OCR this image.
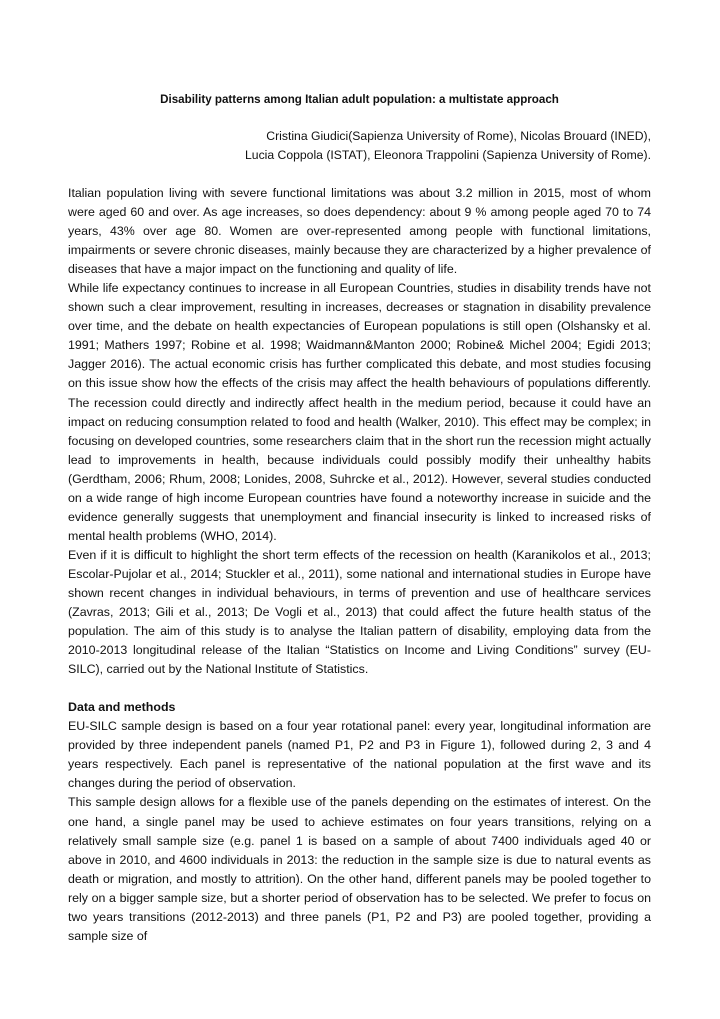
Disability patterns among Italian adult population: a multistate approach
Cristina Giudici(Sapienza University of Rome), Nicolas Brouard (INED),
Lucia Coppola (ISTAT), Eleonora Trappolini (Sapienza University of Rome).

Italian population living with severe functional limitations was about 3.2 million in 2015, most of whom were aged 60 and over. As age increases, so does dependency: about 9 % among people aged 70 to 74 years, 43% over age 80. Women are over-represented among people with functional limitations, impairments or severe chronic diseases, mainly because they are characterized by a higher prevalence of diseases that have a major impact on the functioning and quality of life.

While life expectancy continues to increase in all European Countries, studies in disability trends have not shown such a clear improvement, resulting in increases, decreases or stagnation in disability prevalence over time, and the debate on health expectancies of European populations is still open (Olshansky et al. 1991; Mathers 1997; Robine et al. 1998; Waidmann&Manton 2000; Robine& Michel 2004; Egidi 2013; Jagger 2016). The actual economic crisis has further complicated this debate, and most studies focusing on this issue show how the effects of the crisis may affect the health behaviours of populations differently. The recession could directly and indirectly affect health in the medium period, because it could have an impact on reducing consumption related to food and health (Walker, 2010). This effect may be complex; in focusing on developed countries, some researchers claim that in the short run the recession might actually lead to improvements in health, because individuals could possibly modify their unhealthy habits (Gerdtham, 2006; Rhum, 2008; Lonides, 2008, Suhrcke et al., 2012). However, several studies conducted on a wide range of high income European countries have found a noteworthy increase in suicide and the evidence generally suggests that unemployment and financial insecurity is linked to increased risks of mental health problems (WHO, 2014).

Even if it is difficult to highlight the short term effects of the recession on health (Karanikolos et al., 2013; Escolar-Pujolar et al., 2014; Stuckler et al., 2011), some national and international studies in Europe have shown recent changes in individual behaviours, in terms of prevention and use of healthcare services (Zavras, 2013; Gili et al., 2013; De Vogli et al., 2013) that could affect the future health status of the population. The aim of this study is to analyse the Italian pattern of disability, employing data from the 2010-2013 longitudinal release of the Italian “Statistics on Income and Living Conditions” survey (EU-SILC), carried out by the National Institute of Statistics.

Data and methods

EU-SILC sample design is based on a four year rotational panel: every year, longitudinal information are provided by three independent panels (named P1, P2 and P3 in Figure 1), followed during 2, 3 and 4 years respectively. Each panel is representative of the national population at the first wave and its changes during the period of observation.

This sample design allows for a flexible use of the panels depending on the estimates of interest. On the one hand, a single panel may be used to achieve estimates on four years transitions, relying on a relatively small sample size (e.g. panel 1 is based on a sample of about 7400 individuals aged 40 or above in 2010, and 4600 individuals in 2013: the reduction in the sample size is due to natural events as death or migration, and mostly to attrition). On the other hand, different panels may be pooled together to rely on a bigger sample size, but a shorter period of observation has to be selected. We prefer to focus on two years transitions (2012-2013) and three panels (P1, P2 and P3) are pooled together, providing a sample size of
